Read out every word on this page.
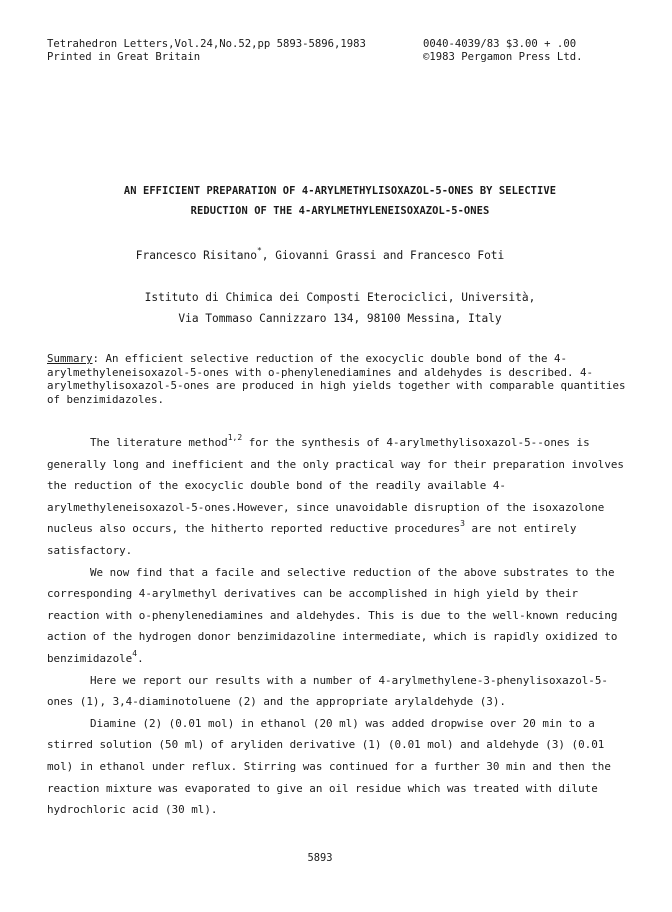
Tetrahedron Letters,Vol.24,No.52,pp 5893-5896,1983
Printed in Great Britain
0040-4039/83 $3.00 + .00
©1983 Pergamon Press Ltd.
AN EFFICIENT PREPARATION OF 4-ARYLMETHYLISOXAZOL-5-ONES BY SELECTIVE
REDUCTION OF THE 4-ARYLMETHYLENEISOXAZOL-5-ONES
Francesco Risitano*, Giovanni Grassi and Francesco Foti
Istituto di Chimica dei Composti Eterociclici, Università,
Via Tommaso Cannizzaro 134, 98100 Messina, Italy
Summary: An efficient selective reduction of the exocyclic double bond of the 4-arylmethyleneisoxazol-5-ones with o-phenylenediamines and aldehydes is described. 4-arylmethylisoxazol-5-ones are produced in high yields together with comparable quantities of benzimidazoles.

The literature method$^{1,2}$ for the synthesis of 4-arylmethylisoxazol-5--ones is generally long and inefficient and the only practical way for their preparation involves the reduction of the exocyclic double bond of the readily available 4-arylmethyleneisoxazol-5-ones.However, since unavoidable disruption of the isoxazolone nucleus also occurs, the hitherto reported reductive procedures$^3$ are not entirely satisfactory.

We now find that a facile and selective reduction of the above substrates to the corresponding 4-arylmethyl derivatives can be accomplished in high yield by their reaction with o-phenylenediamines and aldehydes. This is due to the well-known reducing action of the hydrogen donor benzimidazoline intermediate, which is rapidly oxidized to benzimidazole$^4$.

Here we report our results with a number of 4-arylmethylene-3-phenylisoxazol-5-ones (1), 3,4-diaminotoluene (2) and the appropriate arylaldehyde (3).

Diamine (2) (0.01 mol) in ethanol (20 ml) was added dropwise over 20 min to a stirred solution (50 ml) of aryliden derivative (1) (0.01 mol) and aldehyde (3) (0.01 mol) in ethanol under reflux. Stirring was continued for a further 30 min and then the reaction mixture was evaporated to give an oil residue which was treated with dilute hydrochloric acid (30 ml).

5893
